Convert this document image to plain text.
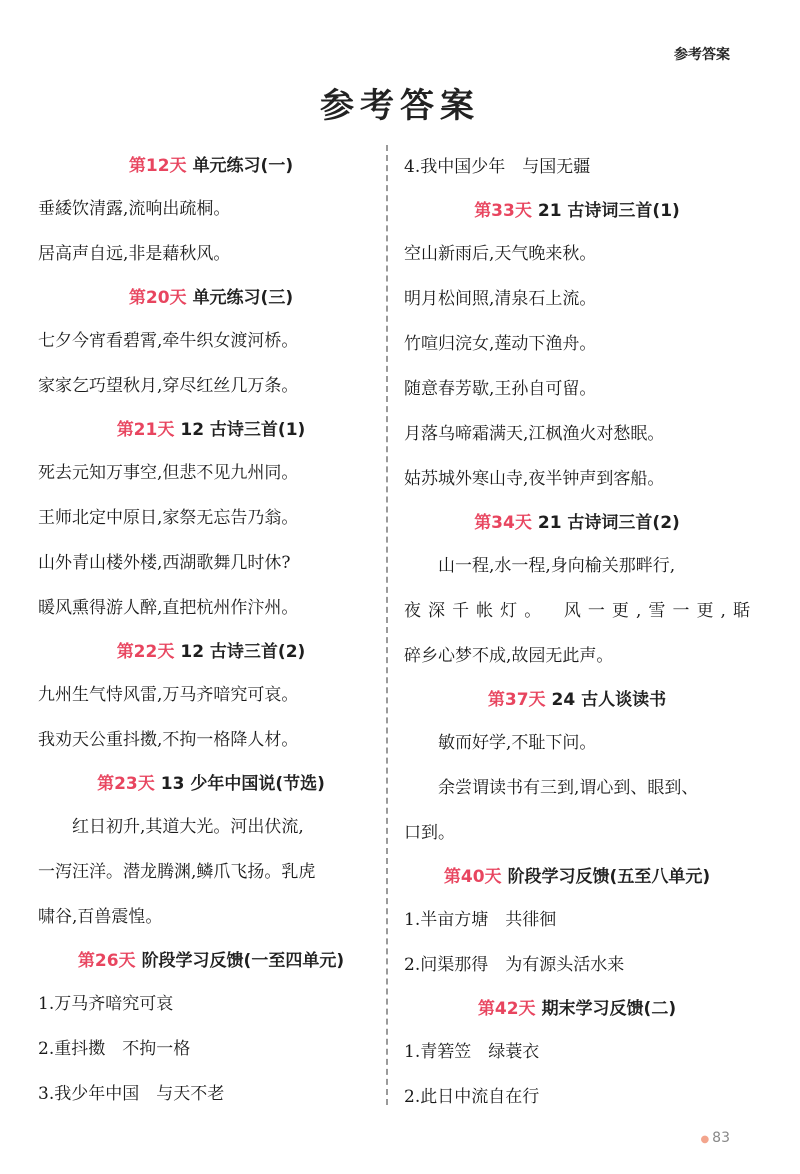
参考答案
参考答案
第12天 单元练习(一)
垂緌饮清露,流响出疏桐。
居高声自远,非是藉秋风。
第20天 单元练习(三)
七夕今宵看碧霄,牵牛织女渡河桥。
家家乞巧望秋月,穿尽红丝几万条。
第21天 12 古诗三首(1)
死去元知万事空,但悲不见九州同。
王师北定中原日,家祭无忘告乃翁。
山外青山楼外楼,西湖歌舞几时休?
暖风熏得游人醉,直把杭州作汴州。
第22天 12 古诗三首(2)
九州生气恃风雷,万马齐喑究可哀。
我劝天公重抖擞,不拘一格降人材。
第23天 13 少年中国说(节选)
红日初升,其道大光。河出伏流,
一泻汪洋。潜龙腾渊,鳞爪飞扬。乳虎
啸谷,百兽震惶。
第26天 阶段学习反馈(一至四单元)
1.万马齐喑究可哀
2.重抖擞　不拘一格
3.我少年中国　与天不老
4.我中国少年　与国无疆
第33天 21 古诗词三首(1)
空山新雨后,天气晚来秋。
明月松间照,清泉石上流。
竹喧归浣女,莲动下渔舟。
随意春芳歇,王孙自可留。
月落乌啼霜满天,江枫渔火对愁眠。
姑苏城外寒山寺,夜半钟声到客船。
第34天 21 古诗词三首(2)
山一程,水一程,身向榆关那畔行,
夜深千帐灯。　风一更,雪一更,聒
碎乡心梦不成,故园无此声。
第37天 24 古人谈读书
敏而好学,不耻下问。
余尝谓读书有三到,谓心到、眼到、
口到。
第40天 阶段学习反馈(五至八单元)
1.半亩方塘　共徘徊
2.问渠那得　为有源头活水来
第42天 期末学习反馈(二)
1.青箬笠　绿蓑衣
2.此日中流自在行
● 83
